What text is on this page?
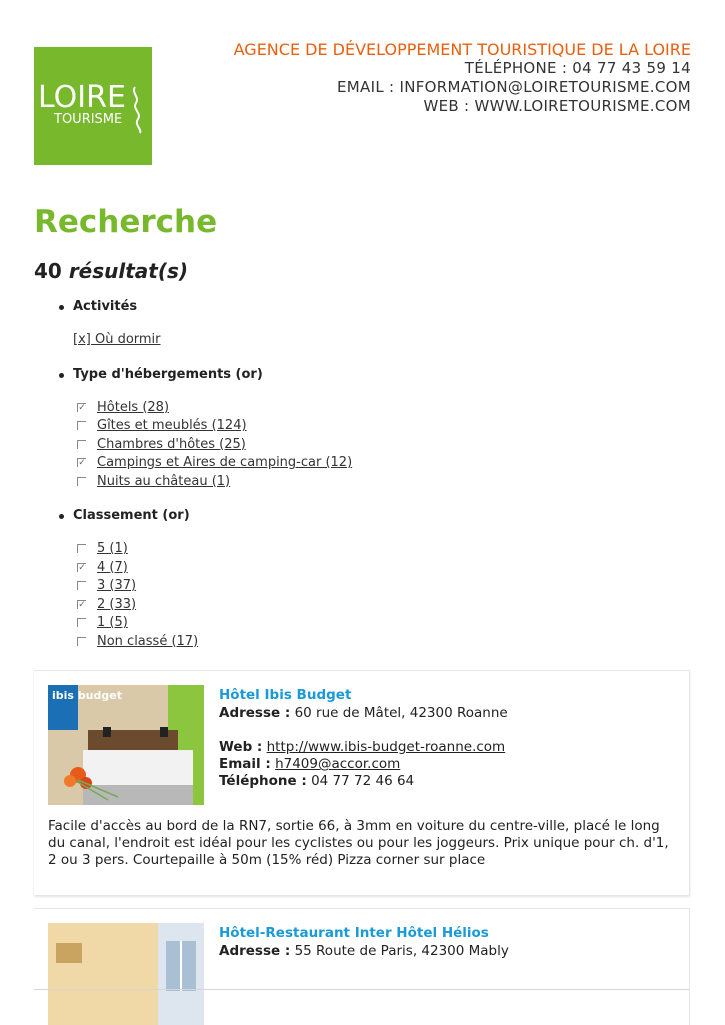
LOIRE
TOURISME
AGENCE DE DÉVELOPPEMENT TOURISTIQUE DE LA LOIRE
TÉLÉPHONE : 04 77 43 59 14
EMAIL : INFORMATION@LOIRETOURISME.COM
WEB : WWW.LOIRETOURISME.COM
Recherche
40 résultat(s)
Activités
[x] Où dormir
Type d'hébergements (or)
✓ Hôtels (28)
Gîtes et meublés (124)
Chambres d'hôtes (25)
✓ Campings et Aires de camping-car (12)
Nuits au château (1)
Classement (or)
5 (1)
✓ 4 (7)
3 (37)
✓ 2 (33)
1 (5)
Non classé (17)
ibis budget	Hôtel Ibis Budget
Adresse : 60 rue de Mâtel, 42300 Roanne
Web : http://www.ibis-budget-roanne.com
Email : h7409@accor.com
Téléphone : 04 77 72 46 64
Facile d'accès au bord de la RN7, sortie 66, à 3mm en voiture du centre-ville, placé le long du canal, l'endroit est idéal pour les cyclistes ou pour les joggeurs. Prix unique pour ch. d'1, 2 ou 3 pers. Courtepaille à 50m (15% réd) Pizza corner sur place
Hôtel-Restaurant Inter Hôtel Hélios
Adresse : 55 Route de Paris, 42300 Mably
